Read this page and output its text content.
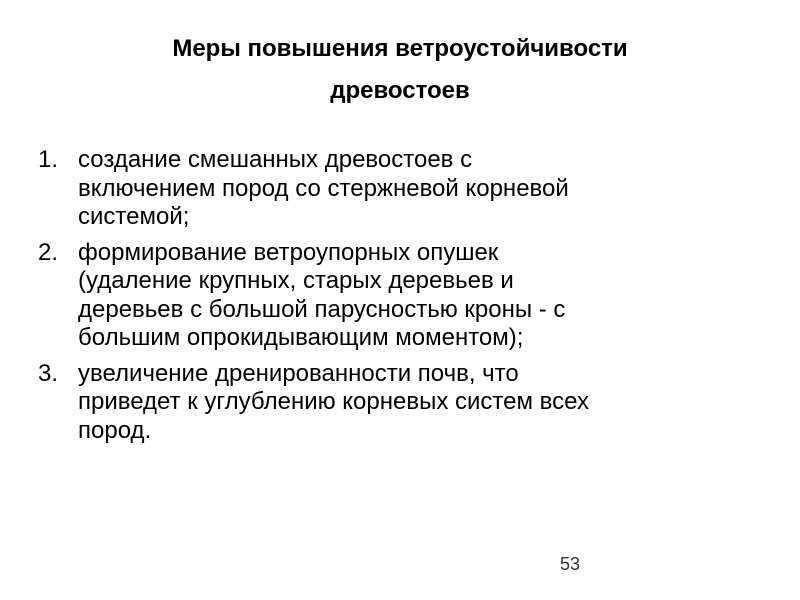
Меры повышения ветроустойчивости
древостоев
1. создание смешанных древостоев с
включением пород со стержневой корневой
системой;
2. формирование ветроупорных опушек
(удаление крупных, старых деревьев и
деревьев с большой парусностью кроны - с
большим опрокидывающим моментом);
3. увеличение дренированности почв, что
приведет к углублению корневых систем всех
пород.
53
